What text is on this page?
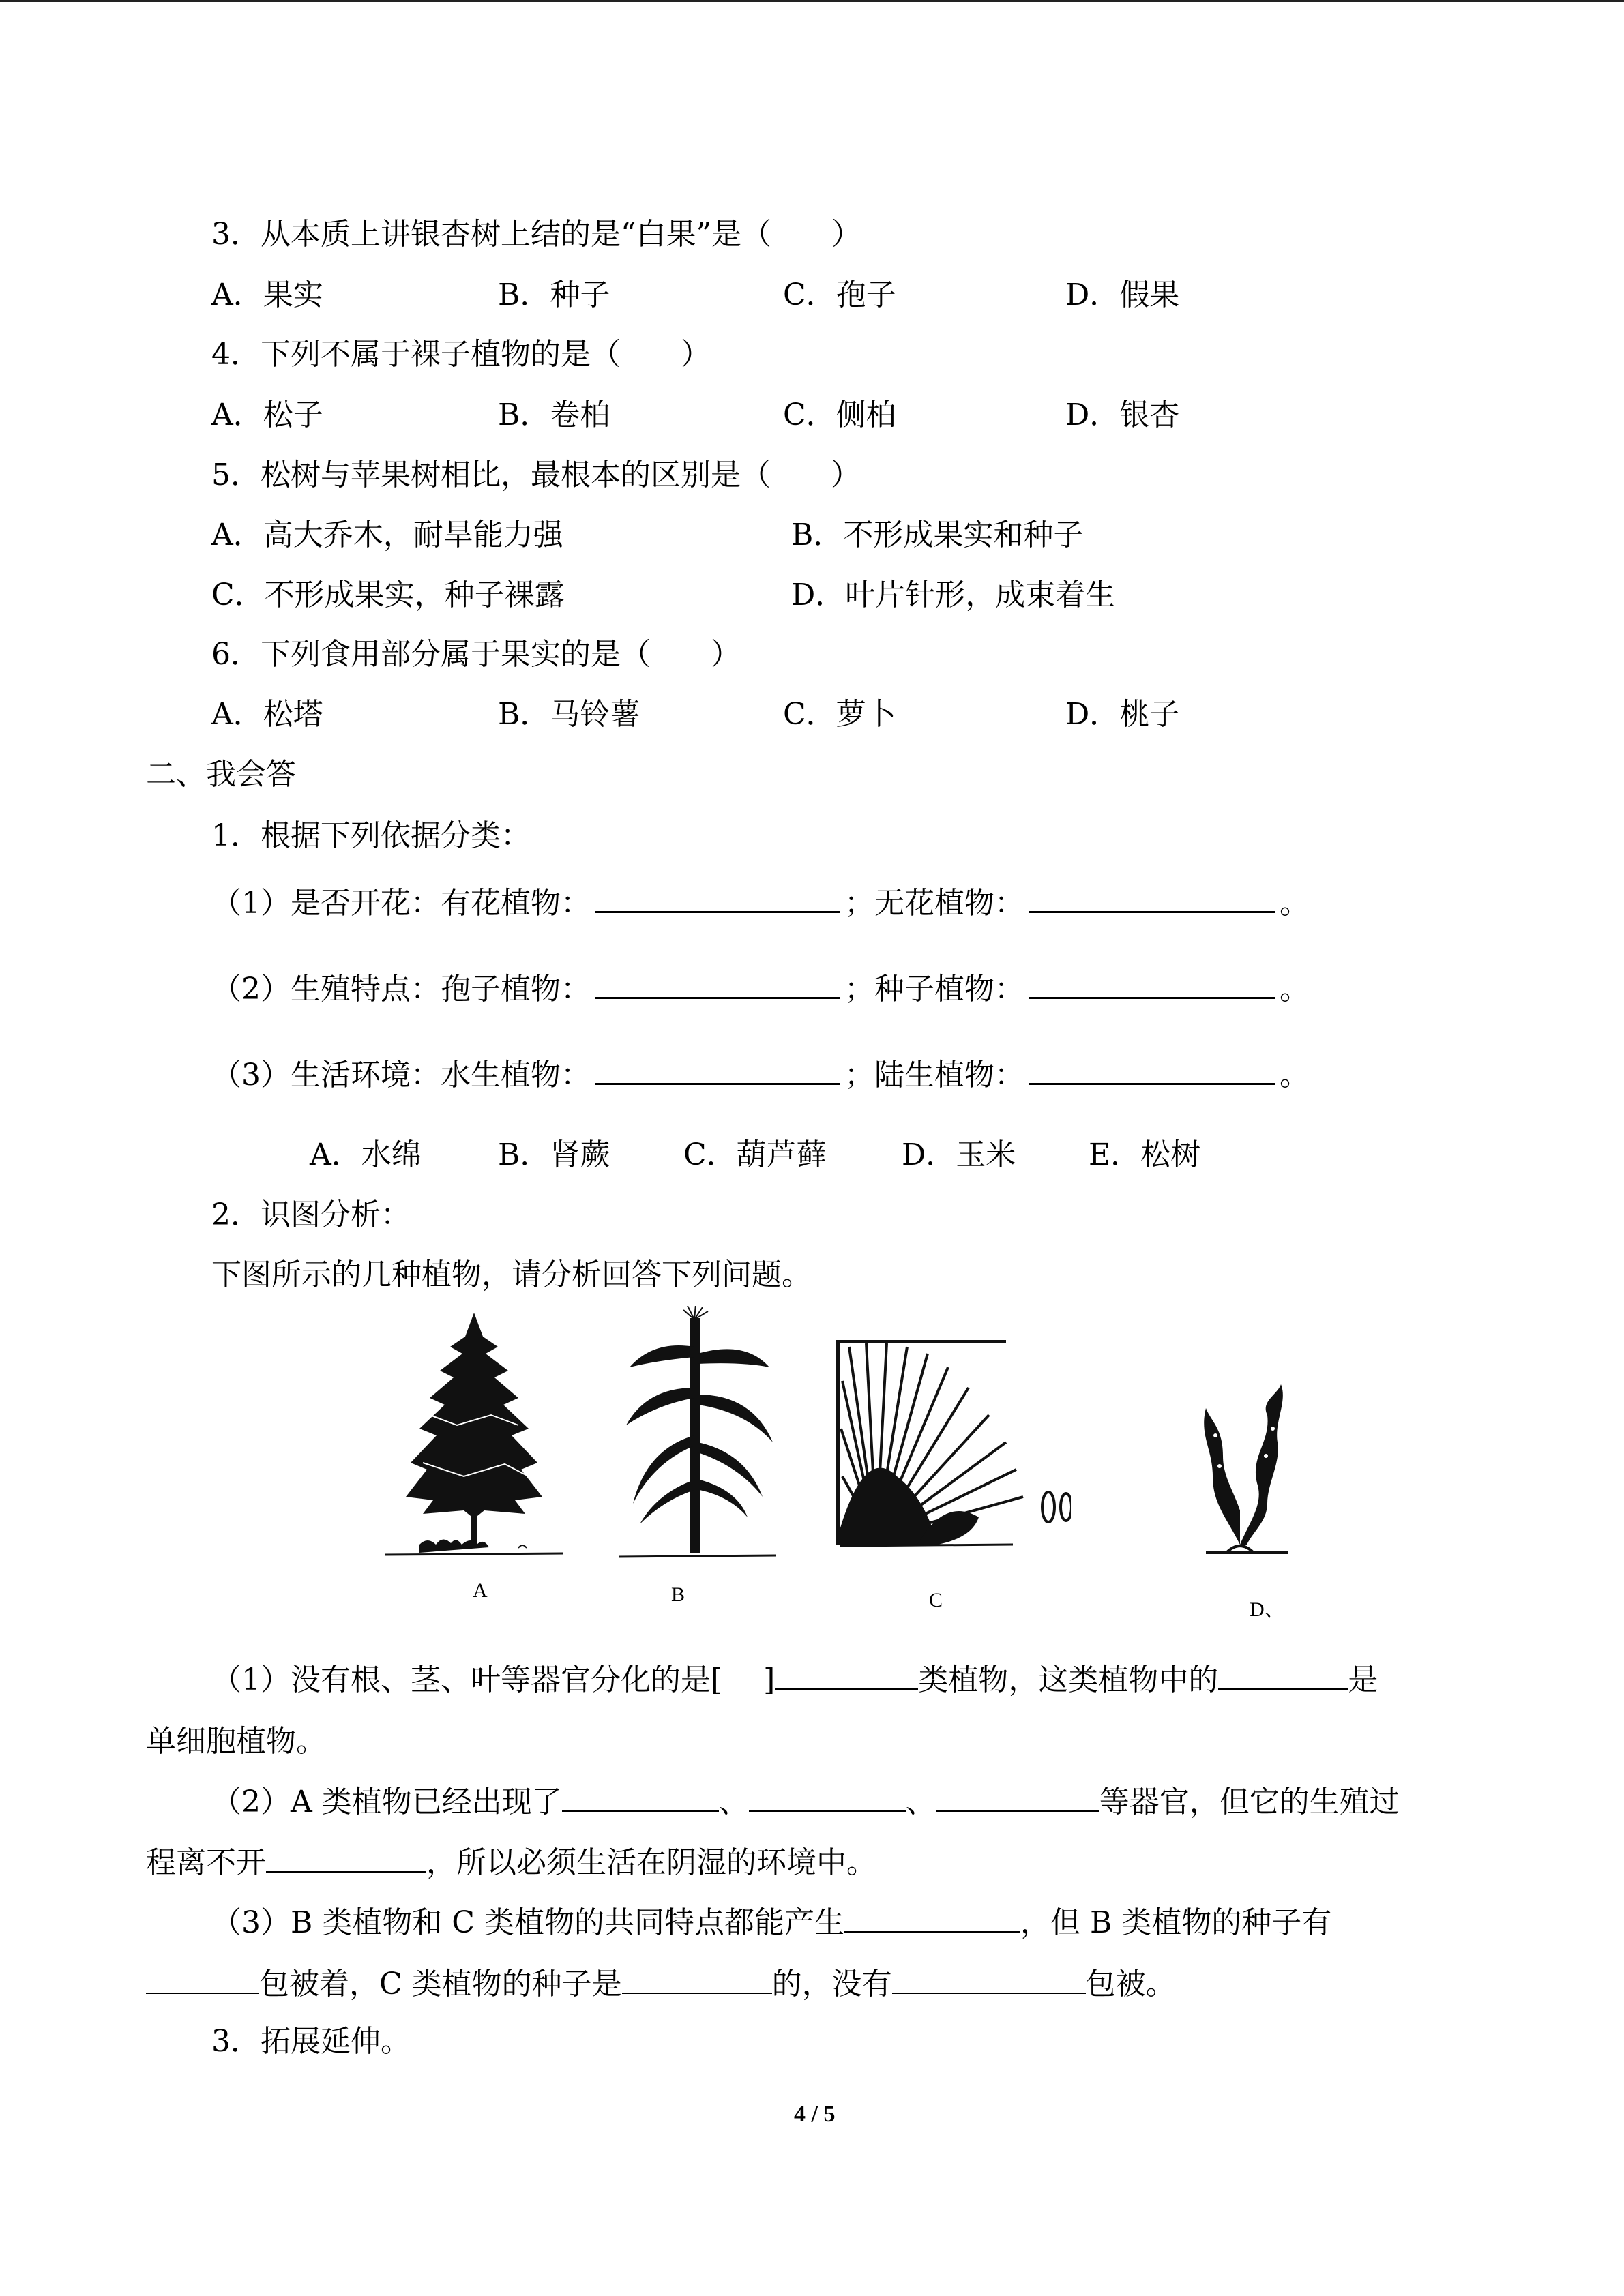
3．从本质上讲银杏树上结的是“白果”是（　　）
A．果实	B．种子	C．孢子	D．假果
4．下列不属于裸子植物的是（　　）
A．松子	B．卷柏	C．侧柏	D．银杏
5．松树与苹果树相比，最根本的区别是（　　）
A．高大乔木，耐旱能力强	B．不形成果实和种子
C．不形成果实，种子裸露	D．叶片针形，成束着生
6．下列食用部分属于果实的是（　　）
A．松塔	B．马铃薯	C．萝卜	D．桃子
二、我会答
1．根据下列依据分类：
（1）是否开花：有花植物：	；无花植物：	。
（2）生殖特点：孢子植物：	；种子植物：	。
（3）生活环境：水生植物：	；陆生植物：	。
A．水绵	B．肾蕨 C．葫芦藓	D．玉米 E．松树
2．识图分析：
下图所示的几种植物，请分析回答下列问题。
A	B	C	D、
（1）没有根、茎、叶等器官分化的是[ ]	类植物，这类植物中的	是
单细胞植物。
（2）A 类植物已经出现了	、	、	等器官，但它的生殖过
程离不开	，所以必须生活在阴湿的环境中。
（3）B 类植物和 C 类植物的共同特点都能产生	，但 B 类植物的种子有
包被着，C 类植物的种子是	的，没有	包被。
3．拓展延伸。
4 / 5
